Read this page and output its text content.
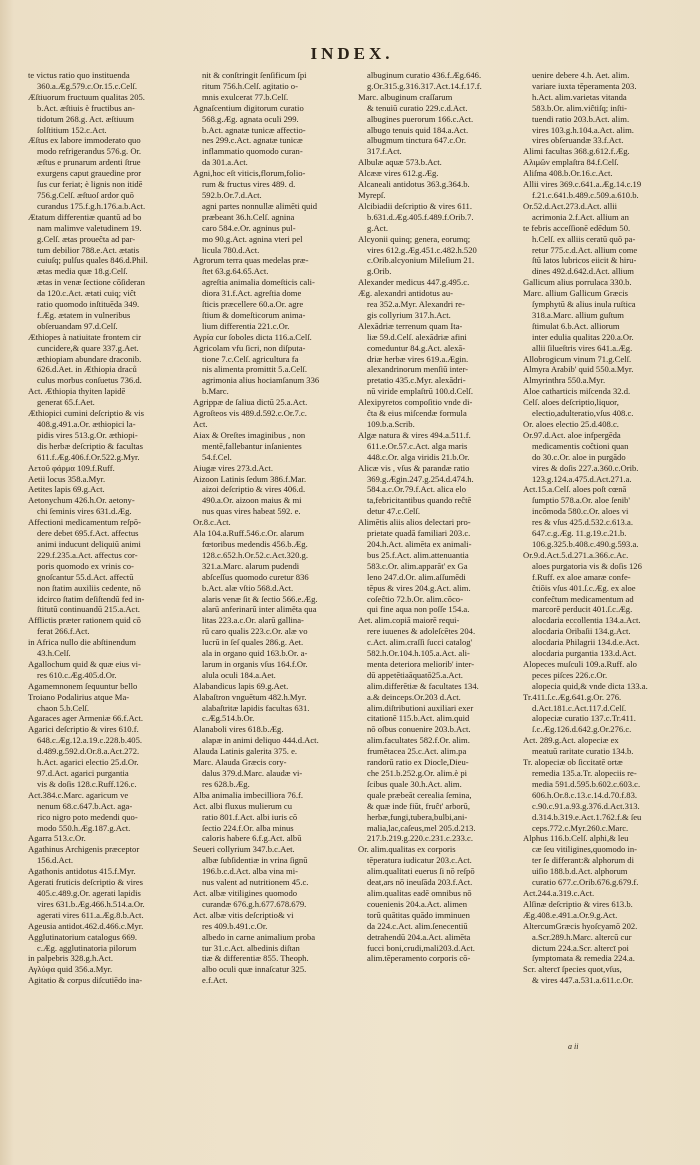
INDEX.
te victus ratio quo instituenda
360.a.Æg.579.c.Or.15.c.Celſ.
Æſtiuorum fructuum qualitas 205.
b.Act. æſtiuis è fructibus an-
tidotum 268.g. Act. æſtiuum
ſolſtitium 152.c.Act.
Æſtus ex labore immoderato quo
modo refrigerandus 576.g. Or.
æſtus e prunarum ardenti ſtrue
exurgens caput grauedine pror
ſus cur feriat; è lignis non itidē
756.g.Celſ. æſtuoſ ardor quō
curandus 175.f.g.h.176.a.b.Act.
Ætatum differentiæ quantū ad bo
nam malimve valetudinem 19.
g.Celſ. ætas proueĉta ad par-
tum debilior 788.e.Act. ætatis
cuiuſq; pulſus quales 846.d.Phil.
ætas media quæ 18.g.Celſ.
ætas in venæ ſectione cōſideran
da 120.c.Act. ætati cuiq; viĉt
ratio quomodo inſtituēda 349.
f.Æg. ætatem in vulneribus
obſeruandam 97.d.Celſ.
Æthiopes à natiuitate frontem cir
cuncidere,& quare 337.g.Aet.
æthiopiam abundare draconib.
626.d.Aet. in Æthiopia draců
culus morbus conſuetus 736.d.
Act. Æthiopia thyiten lapidē
generat 65.f.Aet.
Æthiopici cumini deſcriptio & vis
408.g.491.a.Or. æthiopici la-
pidis vires 513.g.Or. æthiopi-
dis herbæ deſcriptio & facultas
611.f.Æg.406.f.Or.522.g.Myr.
Αετοῦ φάρμα 109.f.Ruff.
Aetii locus 358.a.Myr.
Aetites lapis 69.g.Act.
Aetonychum 426.h.Or. aetony-
chi ſeminis vires 631.d.Æg.
Affectioni medicamentum reſpō-
dere debet 695.f.Act. affectus
animi inducunt deliquiū animi
229.f.235.a.Act. affectus cor-
poris quomodo ex vrinis co-
gnoſcantur 55.d.Act. affectū
non ſtatim auxiliis cedente, nō
idcirco ſtatim deſiſtendū fed in-
ſtitutū continuandū 215.a.Act.
Afflictis præter rationem quid cō
ferat 266.f.Act.
in Africa nullo die abſtinendum
43.h.Celſ.
Agallochum quid & quæ eius vi-
res 610.c.Æg.405.d.Or.
Agamemnonem ſequuntur bello
Troiano Podalirius atque Ma-
chaon 5.b.Celſ.
Agaraces ager Armeniæ 66.f.Act.
Agarici deſcriptio & vires 610.f.
648.c.Æg.12.a.19.c.228.b.405.
d.489.g.592.d.Or.8.a.Act.272.
h.Act. agarici electio 25.d.Or.
97.d.Act. agarici purgantia
vis & doſis 128.c.Ruff.126.c.
Act.384.c.Marc. agaricum ve
nenum 68.c.647.b.Act. aga-
rico nigro poto medendi quo-
modo 550.h.Æg.187.g.Act.
Agarra 513.c.Or.
Agathinus Archigenis præceptor
156.d.Act.
Agathonis antidotus 415.f.Myr.
Agerati fruticis deſcriptio & vires
405.c.489.g.Or. agerati lapidis
vires 631.b.Æg.466.h.514.a.Or.
agerati vires 611.a.Æg.8.b.Act.
Ageusia antidot.462.d.466.c.Myr.
Agglutinatorium catalogus 669.
c.Æg. agglutinatoria pilorum
in palpebris 328.g.h.Act.
Αγλύφα quid 356.a.Myr.
Agitatio & corpus diſcutiēdo ina-
nit & conſtringit ſenſificum ſpi
ritum 756.h.Celſ. agitatio o-
mnis exulcerat 77.b.Celſ.
Agnaſcentium digitorum curatio
568.g.Æg. agnata oculi 299.
b.Act. agnatæ tunicæ affectio-
nes 299.c.Act. agnatæ tunicæ
inflammatio quomodo curan-
da 301.a.Act.
Agni,hoc eſt viticis,florum,folio-
rum & fructus vires 489. d.
592.b.Or.7.d.Act.
agni partes nonnullæ alimēti quid
præbeant 36.h.Celſ. agnina
caro 584.e.Or. agninus pul-
mo 90.g.Act. agnina vteri pel
licula 780.d.Act.
Agrorum terra quas medelas præ-
ſtet 63.g.64.65.Act.
agreſtia animalia domeſticis cali-
diora 31.f.Act. agreſtia dome
ſticis præcellere 60.a.Or. agre
ſtium & domeſticorum anima-
lium differentia 221.c.Or.
Αγρία cur ſoboles dicta 116.a.Celſ.
Agricolam vfu ſicri, non diſputa-
tione 7.c.Celſ. agricultura fa
nis alimenta promittit 5.a.Celſ.
agrimonia alius hociamſanum 336
b.Marc.
Agrippæ de ſaliua dictū 25.a.Act.
Agroſteos vis 489.d.592.c.Or.7.c.
Act.
Aiax & Oreſtes imaginibus , non
mentē,fallebantur inſanientes
54.f.Cel.
Aiugæ vires 273.d.Act.
Aizoon Latinis ſedum 386.f.Mar.
aizoi deſcriptio & vires 406.d.
490.a.Or. aizoon maius & mi
nus quas vires habeat 592. e.
Or.8.c.Act.
Ala 104.a.Ruff.546.c.Or. alarum
fœtoribus medendis 456.b.Æg.
128.c.652.h.Or.52.c.Act.320.g.
321.a.Marc. alarum pudendi
abſceſſus quomodo curetur 836
b.Act. alæ vſtio 568.d.Act.
alaris venæ ſit & ſectio 566.e.Æg.
alarū anferinarū inter alimēta qua
litas 223.a.c.Or. alarū gallina-
rū caro qualis 223.c.Or. alæ vo
lucrū in ſeſ quales 286.g. Aet.
ala in organo quid 163.b.Or. a-
larum in organis vſus 164.f.Or.
alula oculi 184.a.Aet.
Alabandicus lapis 69.g.Aet.
Alabaſtron vnguētum 482.h.Myr.
alabaſtritæ lapidis facultas 631.
c.Æg.514.b.Or.
Alanaboli vires 618.b.Æg.
alapæ in animi deliquo 444.d.Act.
Alauda Latinis galerita 375. e.
Marc. Alauda Græcis cory-
dalus 379.d.Marc. alaudæ vi-
res 628.b.Æg.
Alba animalia imbecilliora 76.f.
Act. albi fluxus mulierum cu
ratio 801.f.Act. albi iuris cō
ſectio 224.f.Or. alba minus
caloris habere 6.f.g.Act. albū
Seueri collyrium 347.b.c.Aet.
albæ ſubſidentiæ in vrina ſignū
196.b.c.d.Act. alba vina mi-
nus valent ad nutritionem 45.c.
Act. albæ vitiligines quomodo
curandæ 676.g.h.677.678.679.
Act. albæ vitis deſcriptio& vi
res 409.b.491.c.Or.
albedo in carne animalium proba
tur 31.c.Act. albedinis diſtan
tiæ & differentiæ 855. Theoph.
albo oculi quæ innaſcatur 325.
e.f.Act.
albuginum curatio 436.f.Æg.646.
g.Or.315.g.316.317.Act.14.f.17.f.
Marc. albuginum craſſarum
& tenuiū curatio 229.c.d.Act.
albugines puerorum 166.c.Act.
albugo tenuis quid 184.a.Act.
albugmum tinctura 647.c.Or.
317.f.Act.
Albulæ aquæ 573.b.Act.
Alcææ vires 612.g.Æg.
Alcaneali antidotus 363.g.364.b.
Myrepſ.
Alcibiadii deſcriptio & vires 611.
b.631.d.Æg.405.f.489.f.Orib.7.
g.Act.
Alcyonii quinq; genera, eorumq;
vires 612.g.Æg.451.c.482.h.520
c.Orib.alcyonium Mileſium 21.
g.Orib.
Alexander medicus 447.g.495.c.
Æg. alexandri antidotus au-
rea 352.a.Myr. Alexandri re-
gis collyrium 317.h.Act.
Alexādriæ terrenum quam Ita-
liæ 59.d.Celſ. alexādriæ afini
comeduntur 84.g.Act. alexā-
driæ herbæ vires 619.a.Ægin.
alexandrinorum menſiū inter-
pretatio 435.c.Myr. alexādri-
nū viride emplaſtrū 100.d.Celſ.
Alexipyretos compoſitio vnde di-
ĉta & eius miſcendæ formula
109.b.a.Scrib.
Algæ natura & vires 494.a.511.f.
611.e.Or.57.c.Act. alga maris
448.c.Or. alga viridis 21.b.Or.
Alicæ vis , vſus & parandæ ratio
369.g.Ægin.247.g.254.d.474.h.
584.a.c.Or.79.f.Act. alica elo
ta,febricitantibus quando reĉtē
detur 47.c.Celſ.
Alimētis aliis alios delectari pro-
prietate quadā familiari 203.c.
204.h.Act. alimēta ex animali-
bus 25.f.Act. alim.attenuantia
583.c.Or. alim.apparāt' ex Ga
leno 247.d.Or. alim.aſſumēdi
tēpus & vires 204.g.Act. alim.
coſeĉtio 72.b.Or. alim.cōco-
qui fine aqua non poſſe 154.a.
Aet. alim.copiā maiorē requi-
rere iuuenes & adoleſcētes 204.
c.Act. alim.craſſi ſucci catalog'
582.h.Or.104.h.105.a.Act. ali-
menta deteriora meliorib' inter-
dū appetētiaāquatō25.a.Act.
alim.differētiæ & facultates 134.
a.& deinceps.Or.203 d.Act.
alim.diſtributioni auxiliari exer
citationē 115.b.Act. alim.quid
nō oſbus conuenire 203.b.Act.
alim.facultates 582.f.Or. alim.
frumētacea 25.c.Act. alim.pa
randorū ratio ex Diocle,Dieu-
che 251.b.252.g.Or. alim.è pi
ſcibus quale 30.h.Act. alim.
quale præbeāt cerealia ſemina,
& quæ inde fiūt, fruĉt' arborū,
herbæ,fungi,tubera,bulbi,ani-
malia,lac,caſeus,mel 205.d.213.
217.b.219.g.220.c.231.c.233.c.
Or. alim.qualitas ex corporis
tēperatura iudicatur 203.c.Act.
alim.qualitati euerus ſi nō reſpō
deat,ars nō ineuſāda 203.f.Act.
alim.qualitas eadē omnibus nō
couenienis 204.a.Act. alimen
torū quātitas quādo imminuen
da 224.c.Act. alim.ſenecentiū
detrahendū 204.a.Act. alimēta
fucci boni,crudi,mali203.d.Act.
alim.tēperamento corporis cō-
uenire debere 4.h. Aet. alim.
variare iuxta tēperamenta 203.
h.Act. alim.varietas vitanda
583.b.Or. alim.viĉtiſq; inſti-
tuendi ratio 203.b.Act. alim.
vires 103.g.h.104.a.Act. alim.
vires obſeruandæ 33.f.Act.
Alimi facultas 368.g.612.f.Æg.
Αλιμῶν emplaſtra 84.f.Celſ.
Aliſma 408.b.Or.16.c.Act.
Allii vires 369.c.641.a.Æg.14.c.19
f.21.c.641.b.489.c.509.a.610.b.
Or.52.d.Act.273.d.Act. allii
acrimonia 2.f.Act. allium an
te febris acceſſionē edēdum 50.
h.Celſ. ex alliis ceratū quō pa-
retur 775.c.d.Act. allium come
ſtū latos lubricos eiicit & hiru-
dines 492.d.642.d.Act. allium
Gallicum alius porrulaca 330.b.
Marc. allium Gallicum Græcis
ſymphytū & alius inula ruſtica
318.a.Marc. allium guſtum
ſtimulat 6.b.Act. alliorum
inter edulia qualitas 220.a.Or.
allii ſilueſtris vires 641.a.Æg.
Allobrogicum vinum 71.g.Celſ.
Almyra Arabib' quid 550.a.Myr.
Almyrinthra 550.a.Myr.
Aloe catharticis miſcenda 32.d.
Celſ. aloes deſcriptio,liquor,
electio,adulteratio,vſus 408.c.
Or. aloes electio 25.d.408.c.
Or.97.d.Act. aloe infpergēda
medicamentis coĉtioni quan
do 30.c.Or. aloe in purgādo
vires & doſis 227.a.360.c.Orib.
123.g.124.a.475.d.Act.271.a.
Act.15.a.Celſ. aloes poſt cœnā
ſumptio 578.a.Or. aloe ſenib'
incōmoda 580.c.Or. aloes vi
res & vſus 425.d.532.c.613.a.
647.c.g.Æg. 11.g.19.c.21.b.
106.g.325.b.408.c.490.g.593.a.
Or.9.d.Act.5.d.271.a.366.c.Ac.
aloes purgatoria vis & doſis 126
f.Ruff. ex aloe amaræ confe-
ĉtiōis vſus 401.ſ.c.Æg. ex aloe
confeĉtum medicamentum ad
marcorē perducit 401.ſ.c.Æg.
alocdaria eccollentia 134.a.Act.
alocdaria Oribaſii 134.g.Act.
alocdaria Philagrii 134.d.e.Act.
alocdaria purgantia 133.d.Act.
Alopeces muſculi 109.a.Ruff. alo
peces piſces 226.c.Or.
alopecia quid,& vnde dicta 133.a.
Tr.411.ſ.c.Æg.641.g.Or. 276.
d.Act.181.c.Act.117.d.Celſ.
alopeciæ curatio 137.c.Tr.411.
ſ.c.Æg.126.d.642.g.Or.276.c.
Act. 289.g.Act. alopeciæ ex
meatuū raritate curatio 134.b.
Tr. alopeciæ ob ſiccitatē ortæ
remedia 135.a.Tr. alopeciis re-
media 591.d.595.b.602.c.603.c.
606.h.Or.8.c.13.c.14.d.70.f.83.
c.90.c.91.a.93.g.376.d.Act.313.
d.314.b.319.e.Act.1.762.f.& ſeu
ceps.772.c.Myr.260.c.Marc.
Alphus 116.b.Celſ. alphi,& leu
cæ ſeu vitiligines,quomodo in-
ter ſe differant:& alphorum di
uiſio 188.b.d.Act. alphorum
curatio 677.c.Orib.676.g.679.f.
Act.244.a.319.c.Act.
Alſinæ deſcriptio & vires 613.b.
Æg.408.e.491.a.Or.9.g.Act.
AltercumGræcis hyoſcyamō 202.
a.Scr.289.h.Marc. altercū cur
dictum 224.a.Scr. altercī poi
ſymptomata & remedia 224.a.
Scr. altercī ſpecies quot,vſus,
& vires 447.a.531.a.611.c.Or.
a ii
